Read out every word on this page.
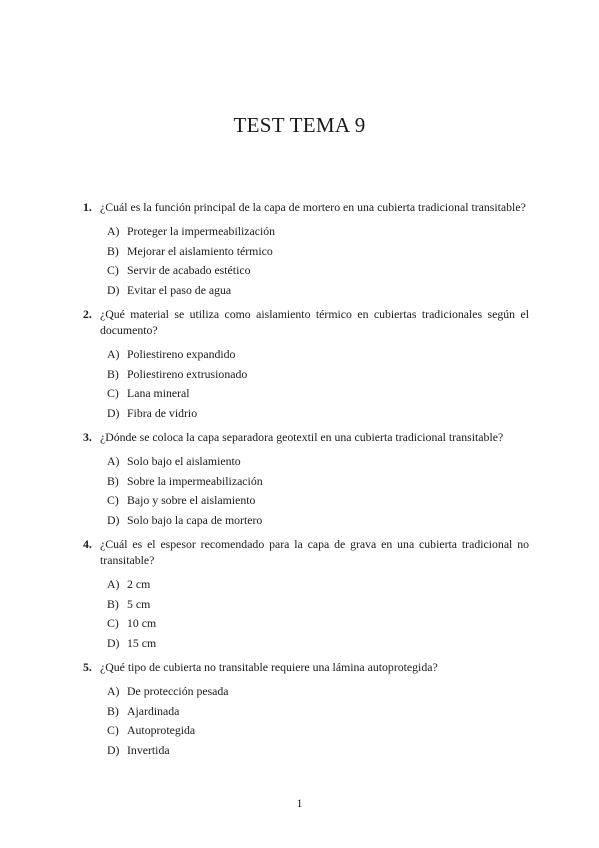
TEST TEMA 9

1. ¿Cuál es la función principal de la capa de mortero en una cubierta tradicional transitable?

A) Proteger la impermeabilización
B) Mejorar el aislamiento térmico
C) Servir de acabado estético
D) Evitar el paso de agua

2. ¿Qué material se utiliza como aislamiento térmico en cubiertas tradicionales según el documento?

A) Poliestireno expandido
B) Poliestireno extrusionado
C) Lana mineral
D) Fibra de vidrio

3. ¿Dónde se coloca la capa separadora geotextil en una cubierta tradicional transitable?

A) Solo bajo el aislamiento
B) Sobre la impermeabilización
C) Bajo y sobre el aislamiento
D) Solo bajo la capa de mortero

4. ¿Cuál es el espesor recomendado para la capa de grava en una cubierta tradicional no transitable?

A) 2 cm
B) 5 cm
C) 10 cm
D) 15 cm

5. ¿Qué tipo de cubierta no transitable requiere una lámina autoprotegida?

A) De protección pesada
B) Ajardinada
C) Autoprotegida
D) Invertida
1
